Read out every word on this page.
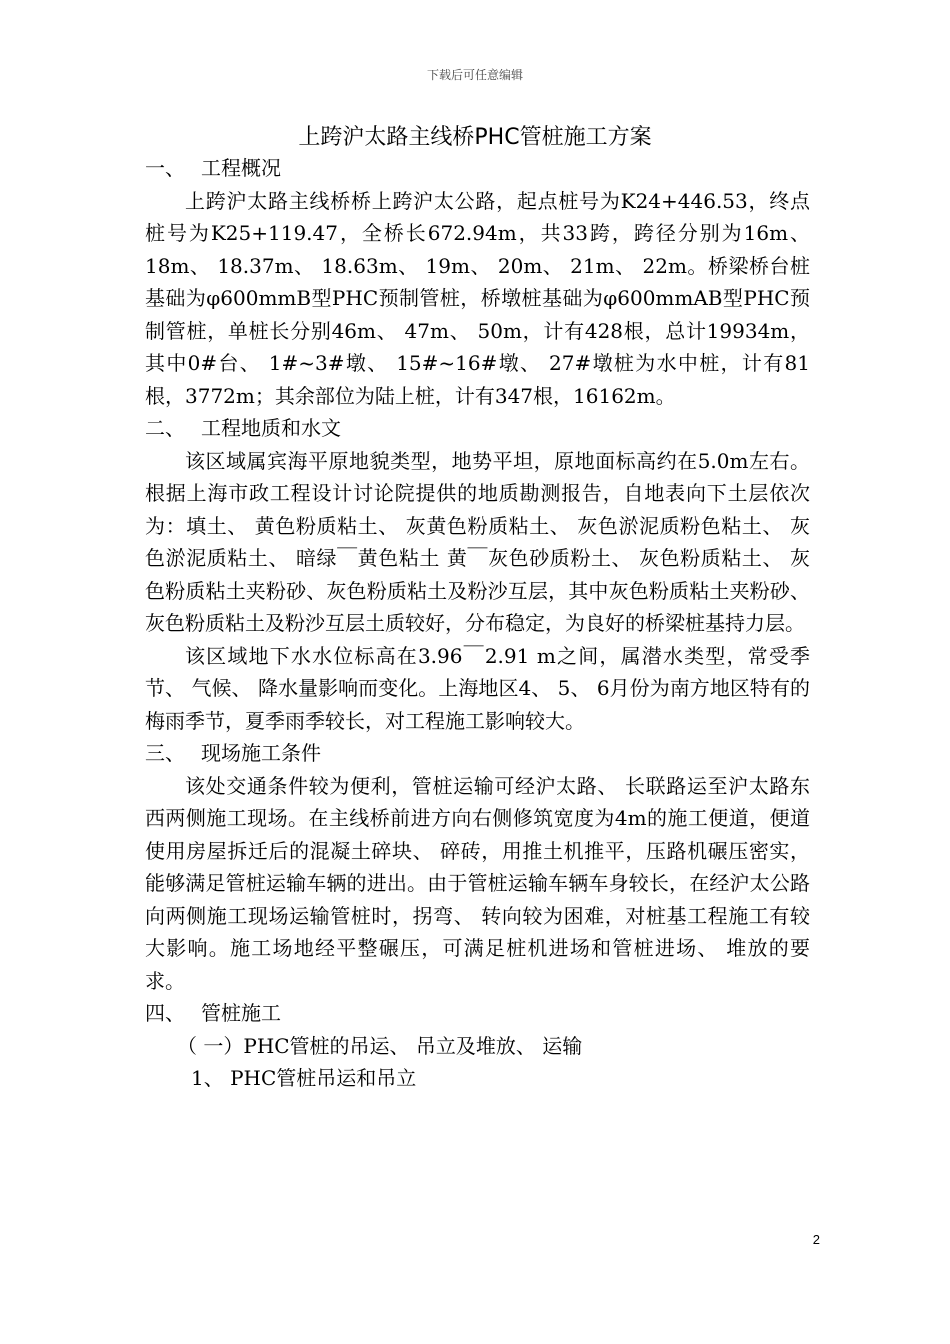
下载后可任意编辑
上跨沪太路主线桥PHC管桩施工方案
一、 工程概况

上跨沪太路主线桥桥上跨沪太公路，起点桩号为K24+446.53，终点桩号为K25+119.47，全桥长672.94m，共33跨，跨径分别为16m、 18m、 18.37m、 18.63m、 19m、 20m、 21m、 22m。桥梁桥台桩基础为φ600mmB型PHC预制管桩，桥墩桩基础为φ600mmAB型PHC预制管桩，单桩长分别46m、 47m、 50m，计有428根，总计19934m，其中0#台、 1#~3#墩、 15#~16#墩、 27#墩桩为水中桩，计有81根，3772m；其余部位为陆上桩，计有347根，16162m。

二、 工程地质和水文

该区域属宾海平原地貌类型，地势平坦，原地面标高约在5.0m左右。根据上海市政工程设计讨论院提供的地质勘测报告，自地表向下土层依次为：填土、 黄色粉质粘土、 灰黄色粉质粘土、 灰色淤泥质粉色粘土、 灰色淤泥质粘土、 暗绿￣黄色粘土 黄￣灰色砂质粉土、 灰色粉质粘土、 灰色粉质粘土夹粉砂、灰色粉质粘土及粉沙互层，其中灰色粉质粘土夹粉砂、 灰色粉质粘土及粉沙互层土质较好，分布稳定，为良好的桥梁桩基持力层。

该区域地下水水位标高在3.96￣2.91 m之间，属潜水类型，常受季节、 气候、 降水量影响而变化。上海地区4、 5、 6月份为南方地区特有的梅雨季节，夏季雨季较长，对工程施工影响较大。

三、 现场施工条件

该处交通条件较为便利，管桩运输可经沪太路、 长联路运至沪太路东西两侧施工现场。在主线桥前进方向右侧修筑宽度为4m的施工便道，便道使用房屋拆迁后的混凝土碎块、 碎砖，用推土机推平，压路机碾压密实，能够满足管桩运输车辆的进出。由于管桩运输车辆车身较长，在经沪太公路向两侧施工现场运输管桩时，拐弯、 转向较为困难，对桩基工程施工有较大影响。施工场地经平整碾压，可满足桩机进场和管桩进场、 堆放的要求。

四、 管桩施工

（ 一）PHC管桩的吊运、 吊立及堆放、 运输

1、 PHC管桩吊运和吊立

2
